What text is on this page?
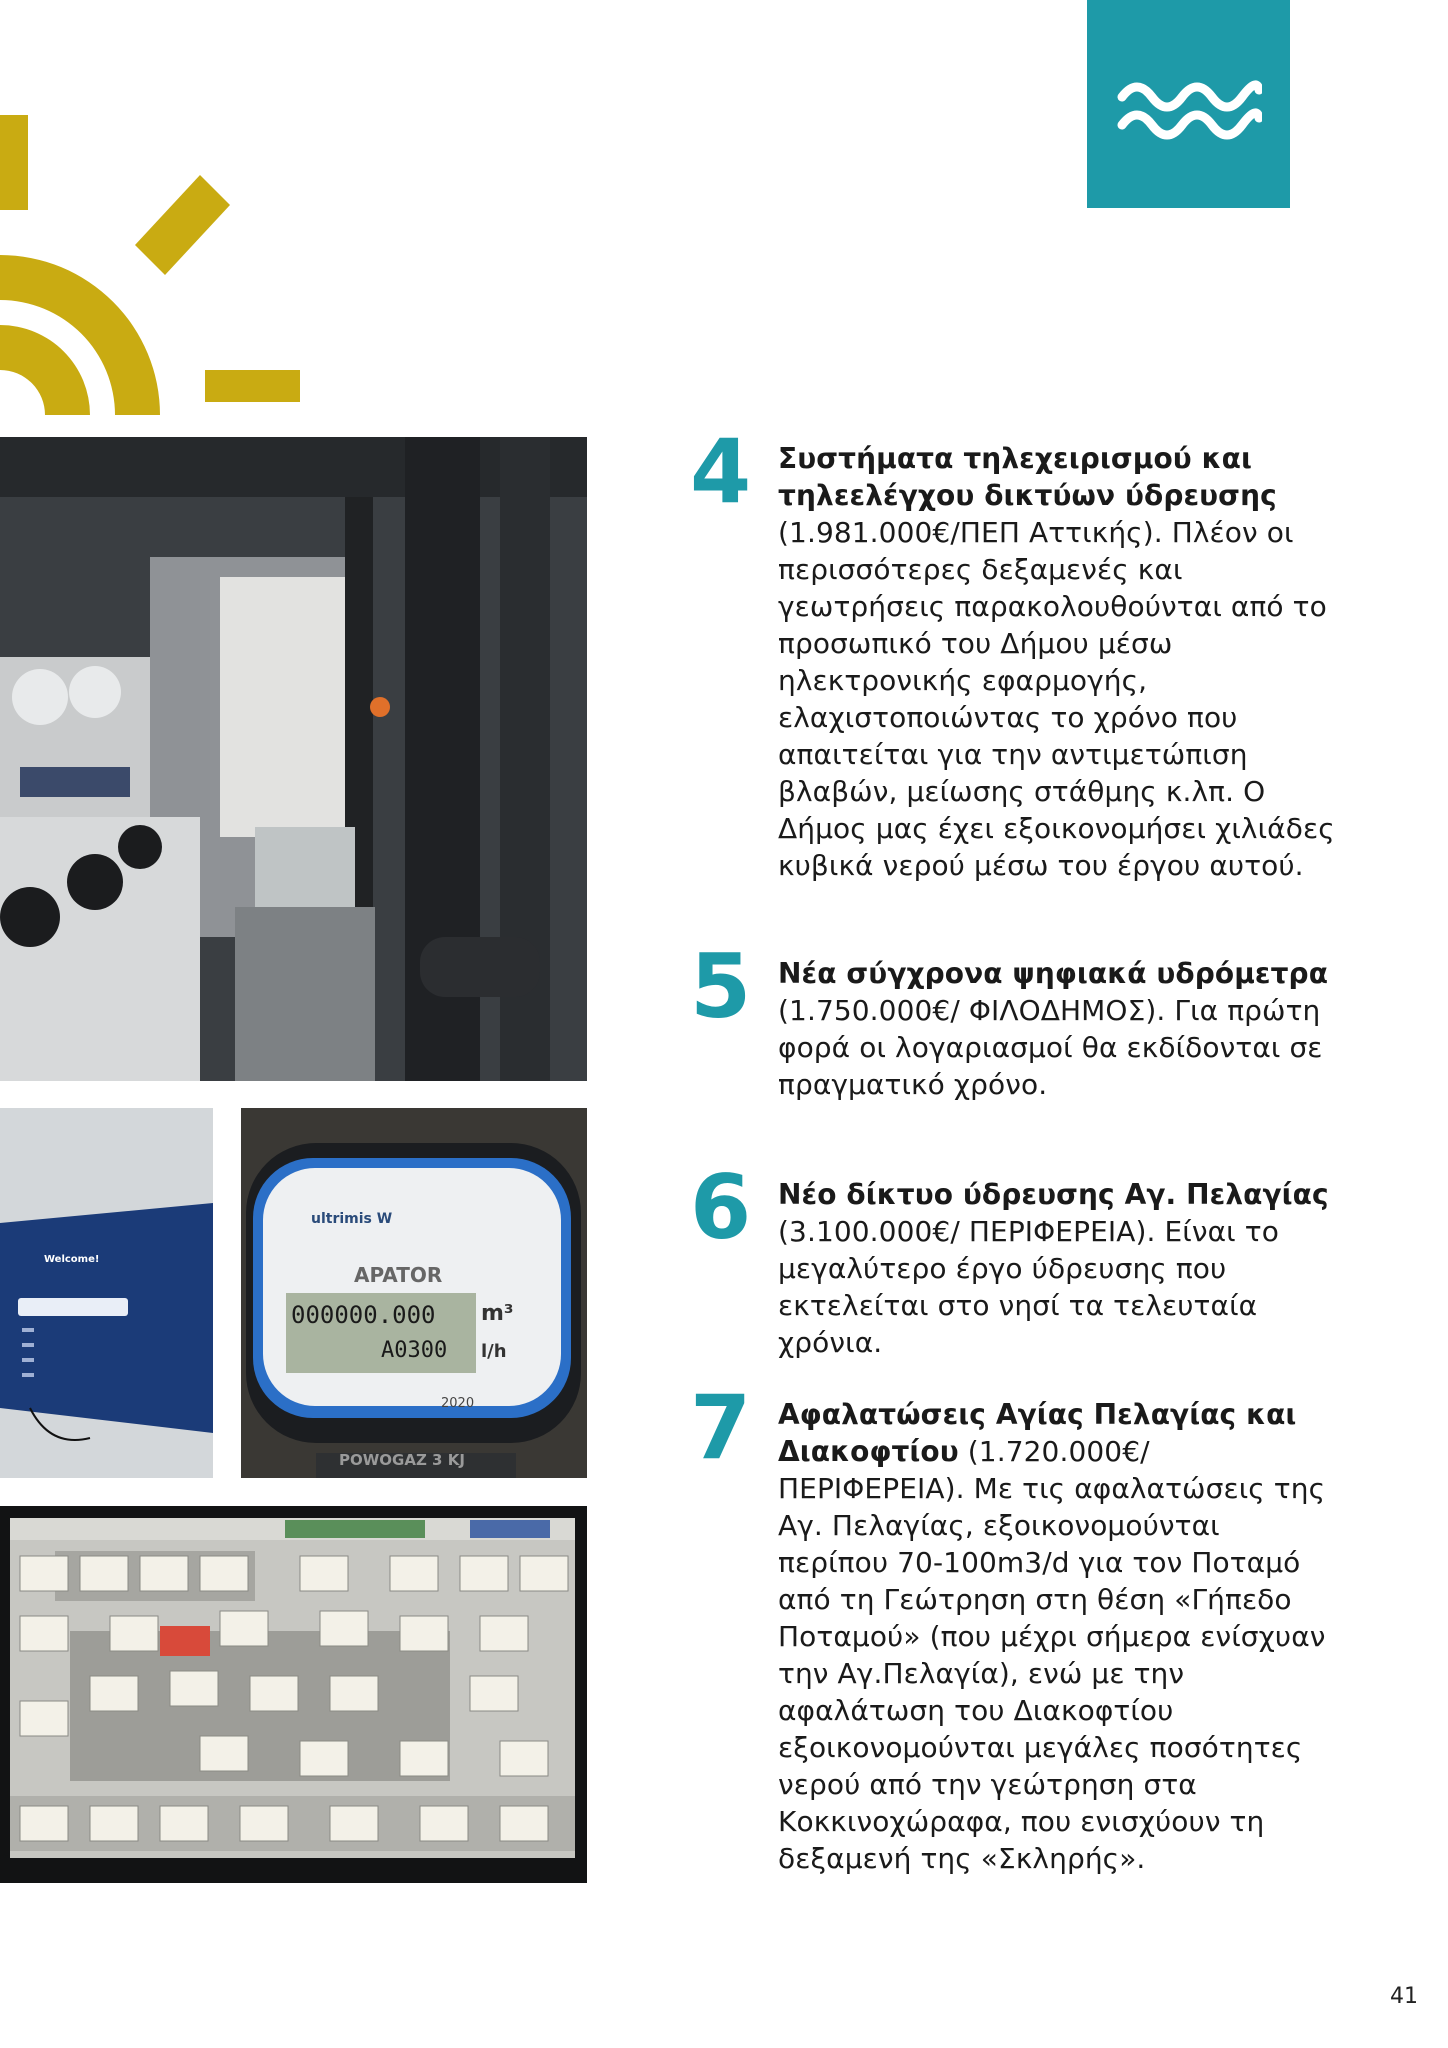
Welcome!
ultrimis W
APATOR
000000.000 m³
A0300 l/h
2020
POWOGAZ 3 KJ
4 Συστήματα τηλεχειρισμού και τηλεελέγχου δικτύων ύδρευσης (1.981.000€/ΠΕΠ Αττικής). Πλέον οι περισσότερες δεξαμενές και γεωτρήσεις παρακολουθούνται από το προσωπικό του Δήμου μέσω ηλεκτρονικής εφαρμογής, ελαχιστοποιώντας το χρόνο που απαιτείται για την αντιμετώπιση βλαβών, μείωσης στάθμης κ.λπ. Ο Δήμος μας έχει εξοικονομήσει χιλιάδες κυβικά νερού μέσω του έργου αυτού.
5 Νέα σύγχρονα ψηφιακά υδρόμετρα (1.750.000€/ ΦΙΛΟΔΗΜΟΣ). Για πρώτη φορά οι λογαριασμοί θα εκδίδονται σε πραγματικό χρόνο.
6 Νέο δίκτυο ύδρευσης Αγ. Πελαγίας (3.100.000€/ ΠΕΡΙΦΕΡΕΙΑ). Είναι το μεγαλύτερο έργο ύδρευσης που εκτελείται στο νησί τα τελευταία χρόνια.
7 Αφαλατώσεις Αγίας Πελαγίας και Διακοφτίου (1.720.000€/ ΠΕΡΙΦΕΡΕΙΑ). Με τις αφαλατώσεις της Αγ. Πελαγίας, εξοικονομούνται περίπου 70-100m3/d για τον Ποταμό από τη Γεώτρηση στη θέση «Γήπεδο Ποταμού» (που μέχρι σήμερα ενίσχυαν την Αγ.Πελαγία), ενώ με την αφαλάτωση του Διακοφτίου εξοικονομούνται μεγάλες ποσότητες νερού από την γεώτρηση στα Κοκκινοχώραφα, που ενισχύουν τη δεξαμενή της «Σκληρής».
41
